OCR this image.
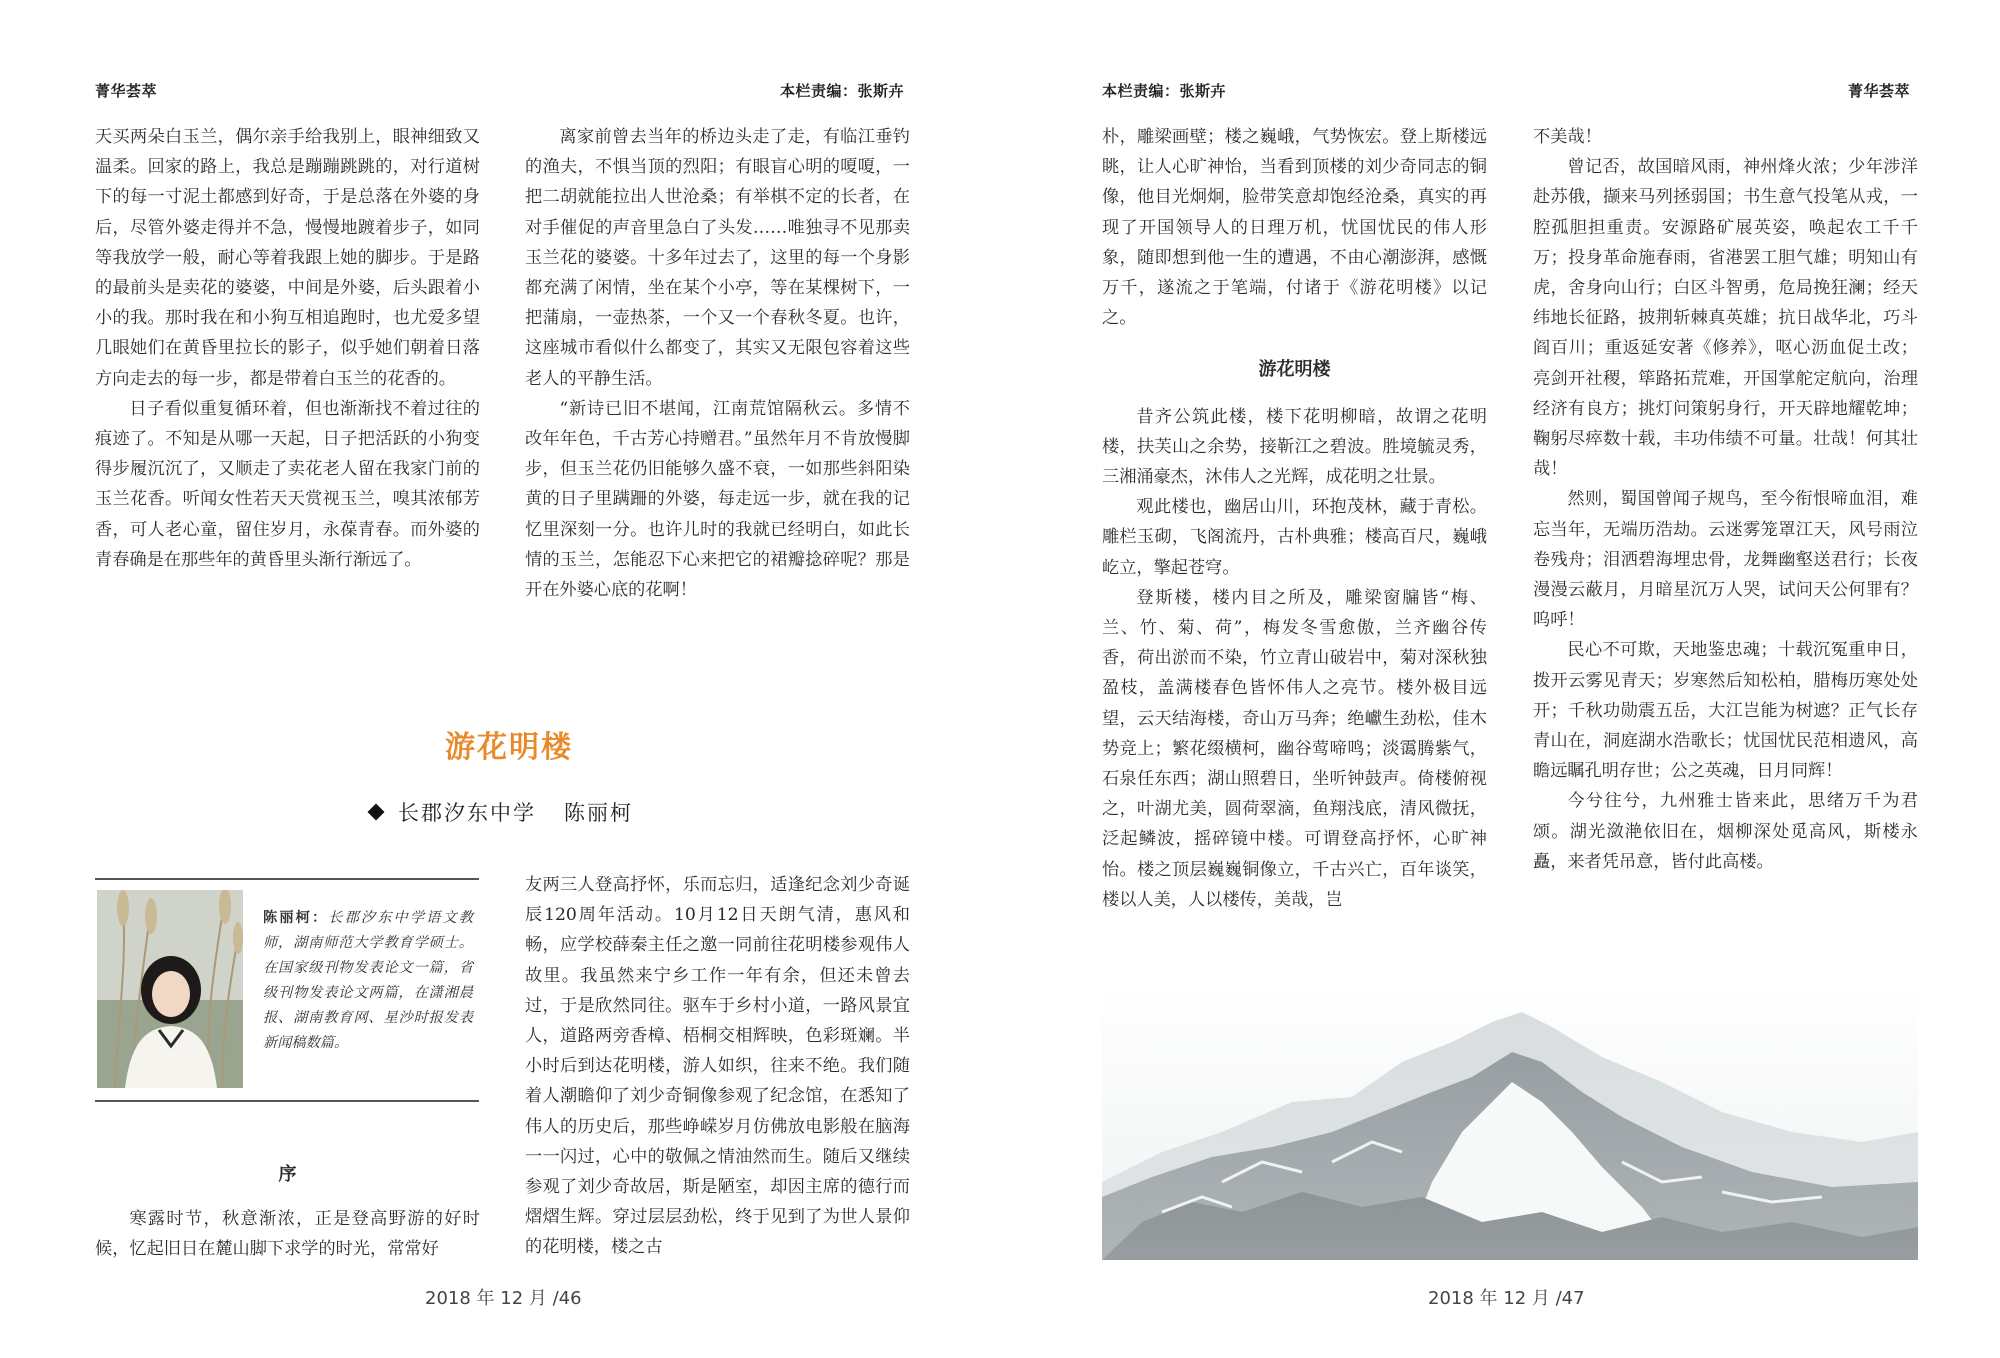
菁华荟萃	本栏责编：张斯卉

天买两朵白玉兰，偶尔亲手给我别上，眼神细致又温柔。回家的路上，我总是蹦蹦跳跳的，对行道树下的每一寸泥土都感到好奇，于是总落在外婆的身后，尽管外婆走得并不急，慢慢地踱着步子，如同等我放学一般，耐心等着我跟上她的脚步。于是路的最前头是卖花的婆婆，中间是外婆，后头跟着小小的我。那时我在和小狗互相追跑时，也尤爱多望几眼她们在黄昏里拉长的影子，似乎她们朝着日落方向走去的每一步，都是带着白玉兰的花香的。

日子看似重复循环着，但也渐渐找不着过往的痕迹了。不知是从哪一天起，日子把活跃的小狗变得步履沉沉了，又顺走了卖花老人留在我家门前的玉兰花香。听闻女性若天天赏视玉兰，嗅其浓郁芳香，可人老心童，留住岁月，永葆青春。而外婆的青春确是在那些年的黄昏里头渐行渐远了。

离家前曾去当年的桥边头走了走，有临江垂钓的渔夫，不惧当顶的烈阳；有眼盲心明的嗄嗄，一把二胡就能拉出人世沧桑；有举棋不定的长者，在对手催促的声音里急白了头发……唯独寻不见那卖玉兰花的婆婆。十多年过去了，这里的每一个身影都充满了闲情，坐在某个小亭，等在某棵树下，一把蒲扇，一壶热茶，一个又一个春秋冬夏。也许，这座城市看似什么都变了，其实又无限包容着这些老人的平静生活。

“新诗已旧不堪闻，江南荒馆隔秋云。多情不改年年色，千古芳心持赠君。”虽然年月不肯放慢脚步，但玉兰花仍旧能够久盛不衰，一如那些斜阳染黄的日子里蹒跚的外婆，每走远一步，就在我的记忆里深刻一分。也许儿时的我就已经明白，如此长情的玉兰，怎能忍下心来把它的裙瓣捻碎呢？那是开在外婆心底的花啊！

游花明楼
长郡汐东中学 陈丽柯
陈丽柯：长郡汐东中学语文教师，湖南师范大学教育学硕士。在国家级刊物发表论文一篇，省级刊物发表论文两篇，在潇湘晨报、湖南教育网、星沙时报发表新闻稿数篇。

序

寒露时节，秋意渐浓，正是登高野游的好时候，忆起旧日在麓山脚下求学的时光，常常好

友两三人登高抒怀，乐而忘归，适逢纪念刘少奇诞辰120周年活动。10月12日天朗气清，惠风和畅，应学校薛秦主任之邀一同前往花明楼参观伟人故里。我虽然来宁乡工作一年有余，但还未曾去过，于是欣然同往。驱车于乡村小道，一路风景宜人，道路两旁香樟、梧桐交相辉映，色彩斑斓。半小时后到达花明楼，游人如织，往来不绝。我们随着人潮瞻仰了刘少奇铜像参观了纪念馆，在悉知了伟人的历史后，那些峥嵘岁月仿佛放电影般在脑海一一闪过，心中的敬佩之情油然而生。随后又继续参观了刘少奇故居，斯是陋室，却因主席的德行而熠熠生辉。穿过层层劲松，终于见到了为世人景仰的花明楼，楼之古

2018 年 12 月 /46
本栏责编：张斯卉	菁华荟萃

朴，雕梁画壁；楼之巍峨，气势恢宏。登上斯楼远眺，让人心旷神怡，当看到顶楼的刘少奇同志的铜像，他目光炯炯，脸带笑意却饱经沧桑，真实的再现了开国领导人的日理万机，忧国忧民的伟人形象，随即想到他一生的遭遇，不由心潮澎湃，感慨万千，遂流之于笔端，付诸于《游花明楼》以记之。

游花明楼

昔齐公筑此楼，楼下花明柳暗，故谓之花明楼，扶芙山之余势，接靳江之碧波。胜境毓灵秀，三湘涌豪杰，沐伟人之光辉，成花明之壮景。

观此楼也，幽居山川，环抱茂林，藏于青松。雕栏玉砌，飞阁流丹，古朴典雅；楼高百尺，巍峨屹立，擎起苍穹。

登斯楼，楼内目之所及，雕梁窗牖皆“梅、兰、竹、菊、荷”，梅发冬雪愈傲，兰齐幽谷传香，荷出淤而不染，竹立青山破岩中，菊对深秋独盈枝，盖满楼春色皆怀伟人之亮节。楼外极目远望，云天结海楼，奇山万马奔；绝巘生劲松，佳木势竞上；繁花缀横柯，幽谷莺啼鸣；淡霭腾紫气，石泉任东西；湖山照碧日，坐听钟鼓声。倚楼俯视之，叶湖尤美，圆荷翠滴，鱼翔浅底，清风微抚，泛起鳞波，摇碎镜中楼。可谓登高抒怀，心旷神怡。楼之顶层巍巍铜像立，千古兴亡，百年谈笑，楼以人美，人以楼传，美哉，岂

不美哉！

曾记否，故国暗风雨，神州烽火浓；少年涉洋赴苏俄，撷来马列拯弱国；书生意气投笔从戎，一腔孤胆担重责。安源路矿展英姿，唤起农工千千万；投身革命施春雨，省港罢工胆气雄；明知山有虎，舍身向山行；白区斗智勇，危局挽狂澜；经天纬地长征路，披荆斩棘真英雄；抗日战华北，巧斗阎百川；重返延安著《修养》，呕心沥血促土改；亮剑开社稷，筚路拓荒难，开国掌舵定航向，治理经济有良方；挑灯问策躬身行，开天辟地耀乾坤；鞠躬尽瘁数十载，丰功伟绩不可量。壮哉！何其壮哉！

然则，蜀国曾闻子规鸟，至今衔恨啼血泪，难忘当年，无端历浩劫。云迷雾笼罩江天，风号雨泣卷残舟；泪洒碧海埋忠骨，龙舞幽壑送君行；长夜漫漫云蔽月，月暗星沉万人哭，试问天公何罪有？呜呼！

民心不可欺，天地鉴忠魂；十载沉冤重申日，拨开云雾见青天；岁寒然后知松柏，腊梅历寒处处开；千秋功勋震五岳，大江岂能为树遮？正气长存青山在，洞庭湖水浩歌长；忧国忧民范相遗风，高瞻远瞩孔明存世；公之英魂，日月同辉！

今兮往兮，九州雅士皆来此，思绪万千为君颂。湖光潋滟依旧在，烟柳深处觅高风，斯楼永矗，来者凭吊意，皆付此高楼。

2018 年 12 月 /47
